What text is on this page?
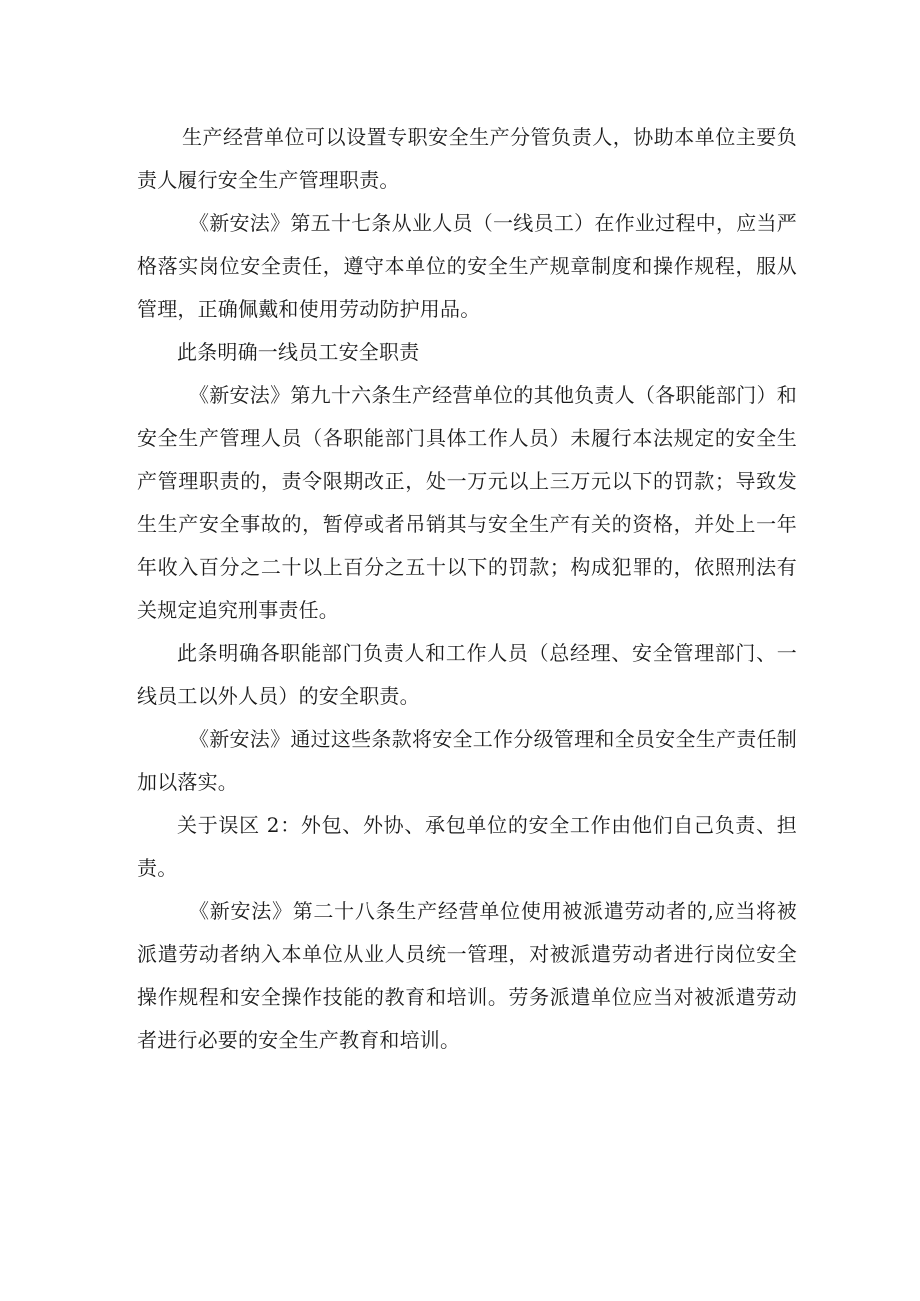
生产经营单位可以设置专职安全生产分管负责人，协助本单位主要负责人履行安全生产管理职责。

《新安法》第五十七条从业人员（一线员工）在作业过程中，应当严格落实岗位安全责任，遵守本单位的安全生产规章制度和操作规程，服从管理，正确佩戴和使用劳动防护用品。

此条明确一线员工安全职责

《新安法》第九十六条生产经营单位的其他负责人（各职能部门）和安全生产管理人员（各职能部门具体工作人员）未履行本法规定的安全生产管理职责的，责令限期改正，处一万元以上三万元以下的罚款；导致发生生产安全事故的，暂停或者吊销其与安全生产有关的资格，并处上一年年收入百分之二十以上百分之五十以下的罚款；构成犯罪的，依照刑法有关规定追究刑事责任。

此条明确各职能部门负责人和工作人员（总经理、安全管理部门、一线员工以外人员）的安全职责。

《新安法》通过这些条款将安全工作分级管理和全员安全生产责任制加以落实。

关于误区 2：外包、外协、承包单位的安全工作由他们自己负责、担责。

《新安法》第二十八条生产经营单位使用被派遣劳动者的,应当将被派遣劳动者纳入本单位从业人员统一管理，对被派遣劳动者进行岗位安全操作规程和安全操作技能的教育和培训。劳务派遣单位应当对被派遣劳动者进行必要的安全生产教育和培训。
